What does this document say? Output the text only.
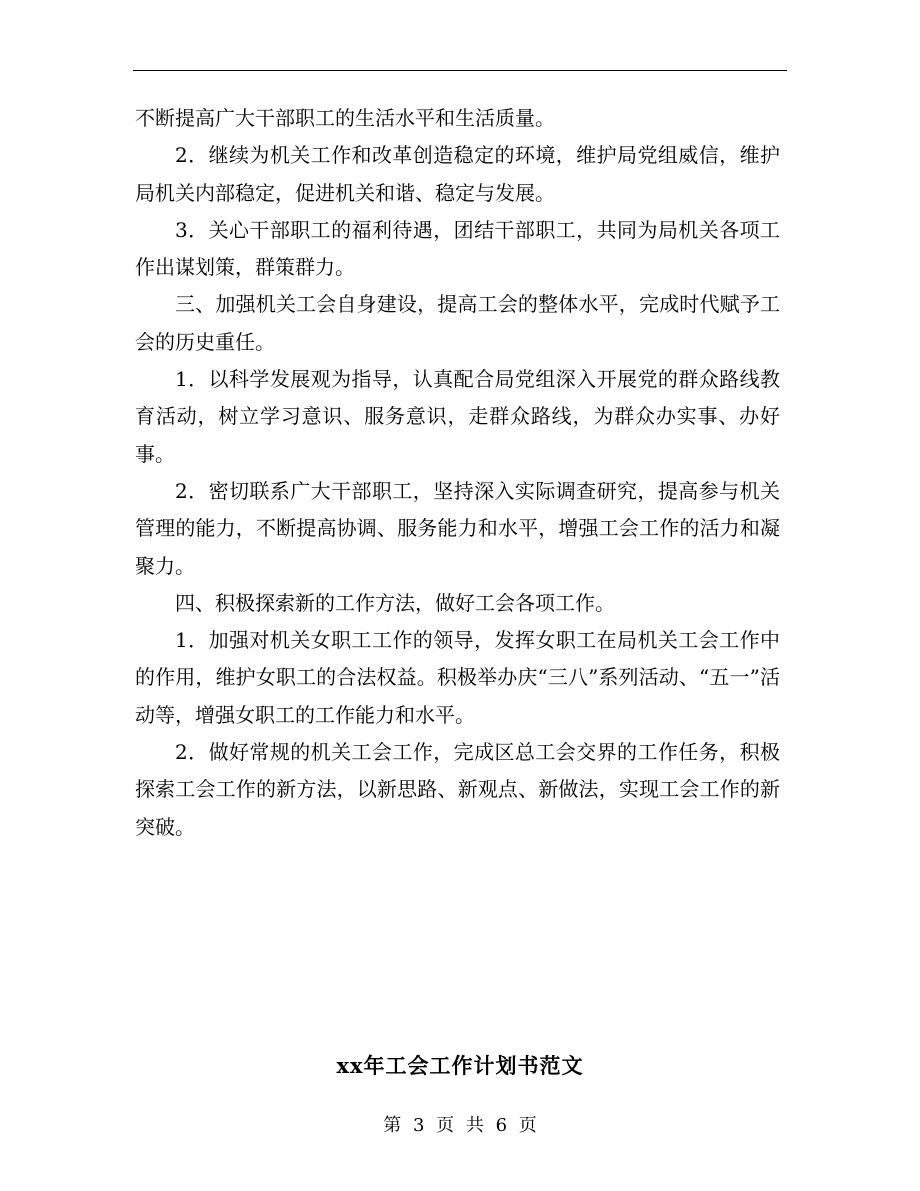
不断提高广大干部职工的生活水平和生活质量。

2．继续为机关工作和改革创造稳定的环境，维护局党组威信，维护局机关内部稳定，促进机关和谐、稳定与发展。

3．关心干部职工的福利待遇，团结干部职工，共同为局机关各项工作出谋划策，群策群力。

三、加强机关工会自身建设，提高工会的整体水平，完成时代赋予工会的历史重任。

1．以科学发展观为指导，认真配合局党组深入开展党的群众路线教育活动，树立学习意识、服务意识，走群众路线，为群众办实事、办好事。

2．密切联系广大干部职工，坚持深入实际调查研究，提高参与机关管理的能力，不断提高协调、服务能力和水平，增强工会工作的活力和凝聚力。

四、积极探索新的工作方法，做好工会各项工作。

1．加强对机关女职工工作的领导，发挥女职工在局机关工会工作中的作用，维护女职工的合法权益。积极举办庆“三八”系列活动、“五一”活动等，增强女职工的工作能力和水平。

2．做好常规的机关工会工作，完成区总工会交界的工作任务，积极探索工会工作的新方法，以新思路、新观点、新做法，实现工会工作的新突破。

xx年工会工作计划书范文
第 3 页 共 6 页
